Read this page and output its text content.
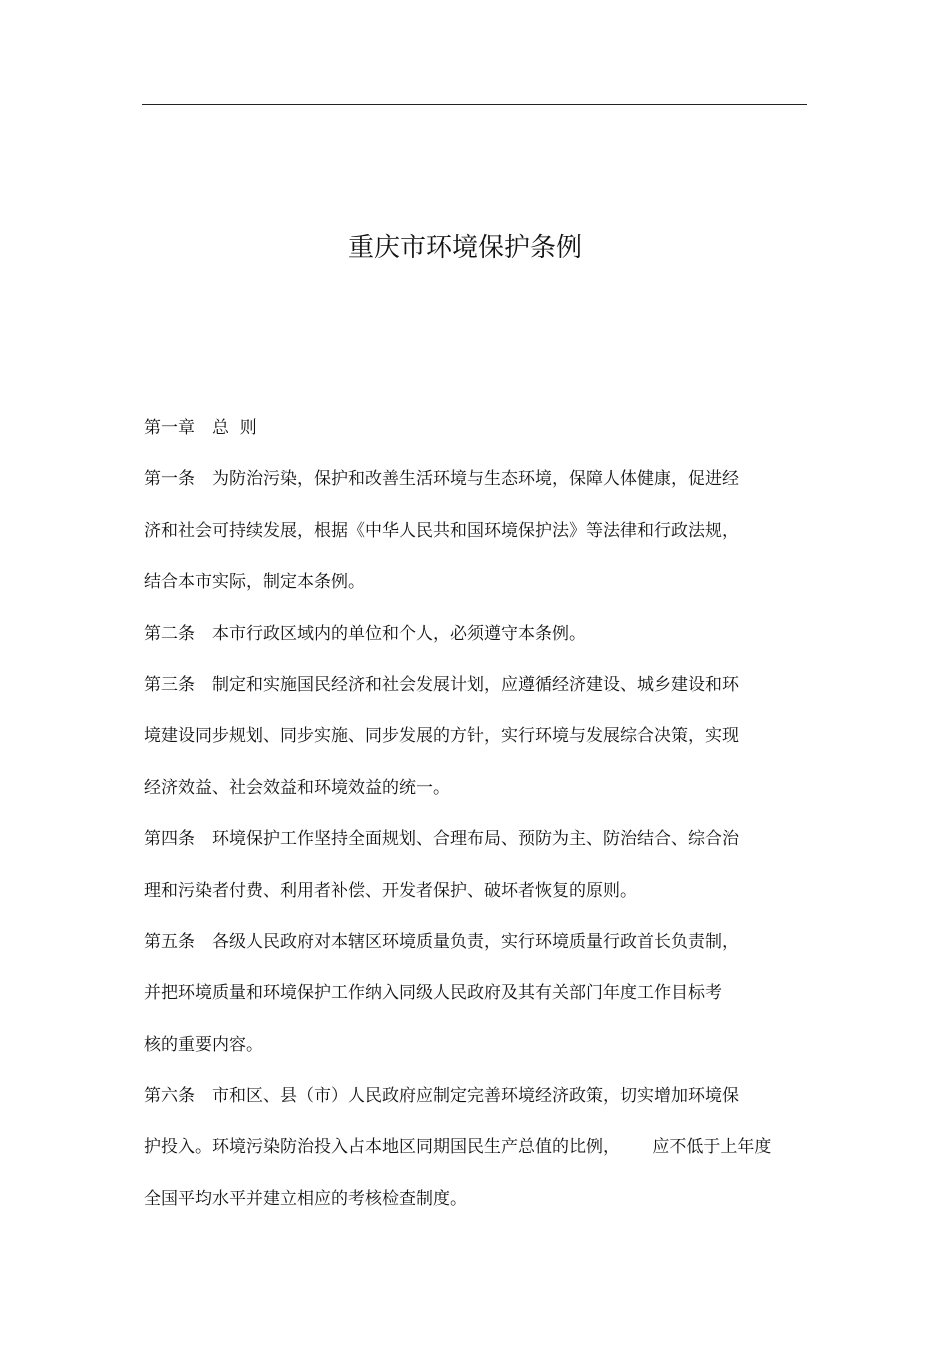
重庆市环境保护条例
第一章　总  则
第一条　为防治污染，保护和改善生活环境与生态环境，保障人体健康，促进经
济和社会可持续发展，根据《中华人民共和国环境保护法》等法律和行政法规，
结合本市实际，制定本条例。
第二条　本市行政区域内的单位和个人，必须遵守本条例。
第三条　制定和实施国民经济和社会发展计划，应遵循经济建设、城乡建设和环
境建设同步规划、同步实施、同步发展的方针，实行环境与发展综合决策，实现
经济效益、社会效益和环境效益的统一。
第四条　环境保护工作坚持全面规划、合理布局、预防为主、防治结合、综合治
理和污染者付费、利用者补偿、开发者保护、破坏者恢复的原则。
第五条　各级人民政府对本辖区环境质量负责，实行环境质量行政首长负责制，
并把环境质量和环境保护工作纳入同级人民政府及其有关部门年度工作目标考
核的重要内容。
第六条　市和区、县（市）人民政府应制定完善环境经济政策，切实增加环境保
护投入。环境污染防治投入占本地区同期国民生产总值的比例，      应不低于上年度
全国平均水平并建立相应的考核检查制度。
